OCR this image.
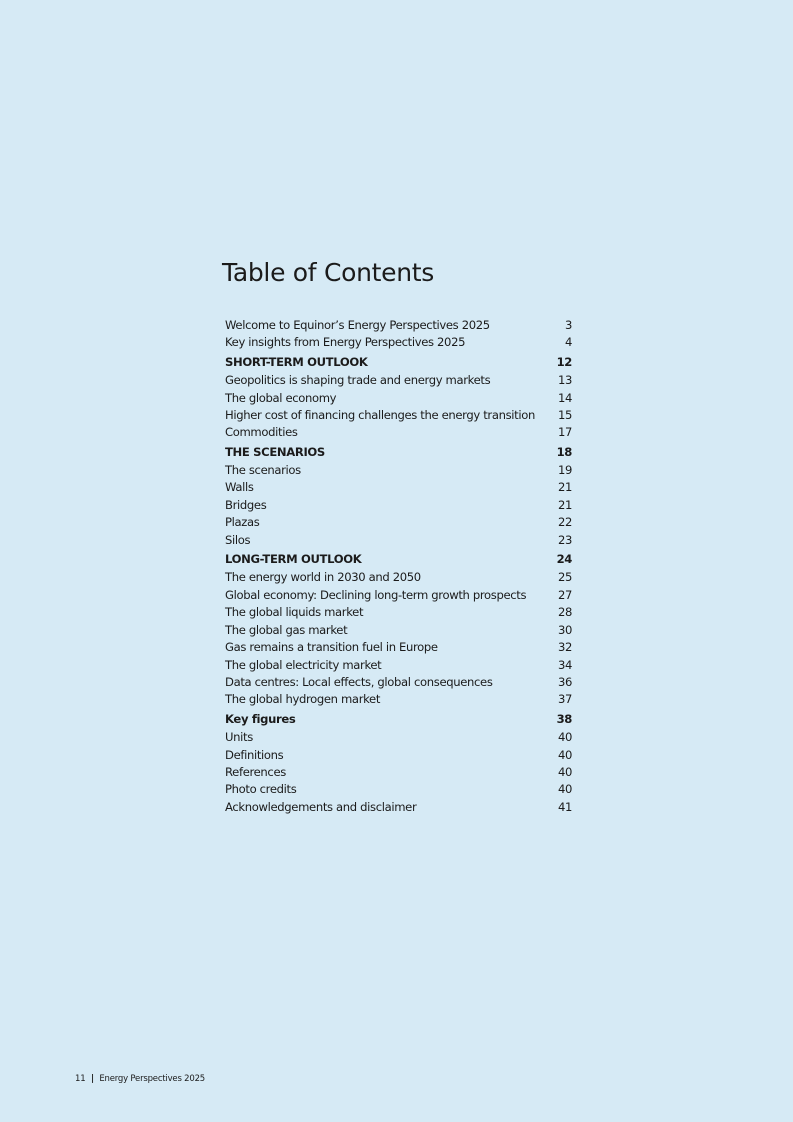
Table of Contents
Welcome to Equinor’s Energy Perspectives 2025	3
Key insights from Energy Perspectives 2025	4
SHORT-TERM OUTLOOK	12
Geopolitics is shaping trade and energy markets	13
The global economy	14
Higher cost of financing challenges the energy transition	15
Commodities	17
THE SCENARIOS	18
The scenarios	19
Walls	21
Bridges	21
Plazas	22
Silos	23
LONG-TERM OUTLOOK	24
The energy world in 2030 and 2050	25
Global economy: Declining long-term growth prospects	27
The global liquids market	28
The global gas market	30
Gas remains a transition fuel in Europe	32
The global electricity market	34
Data centres: Local effects, global consequences	36
The global hydrogen market	37
Key figures	38
Units	40
Definitions	40
References	40
Photo credits	40
Acknowledgements and disclaimer	41
11 | Energy Perspectives 2025
